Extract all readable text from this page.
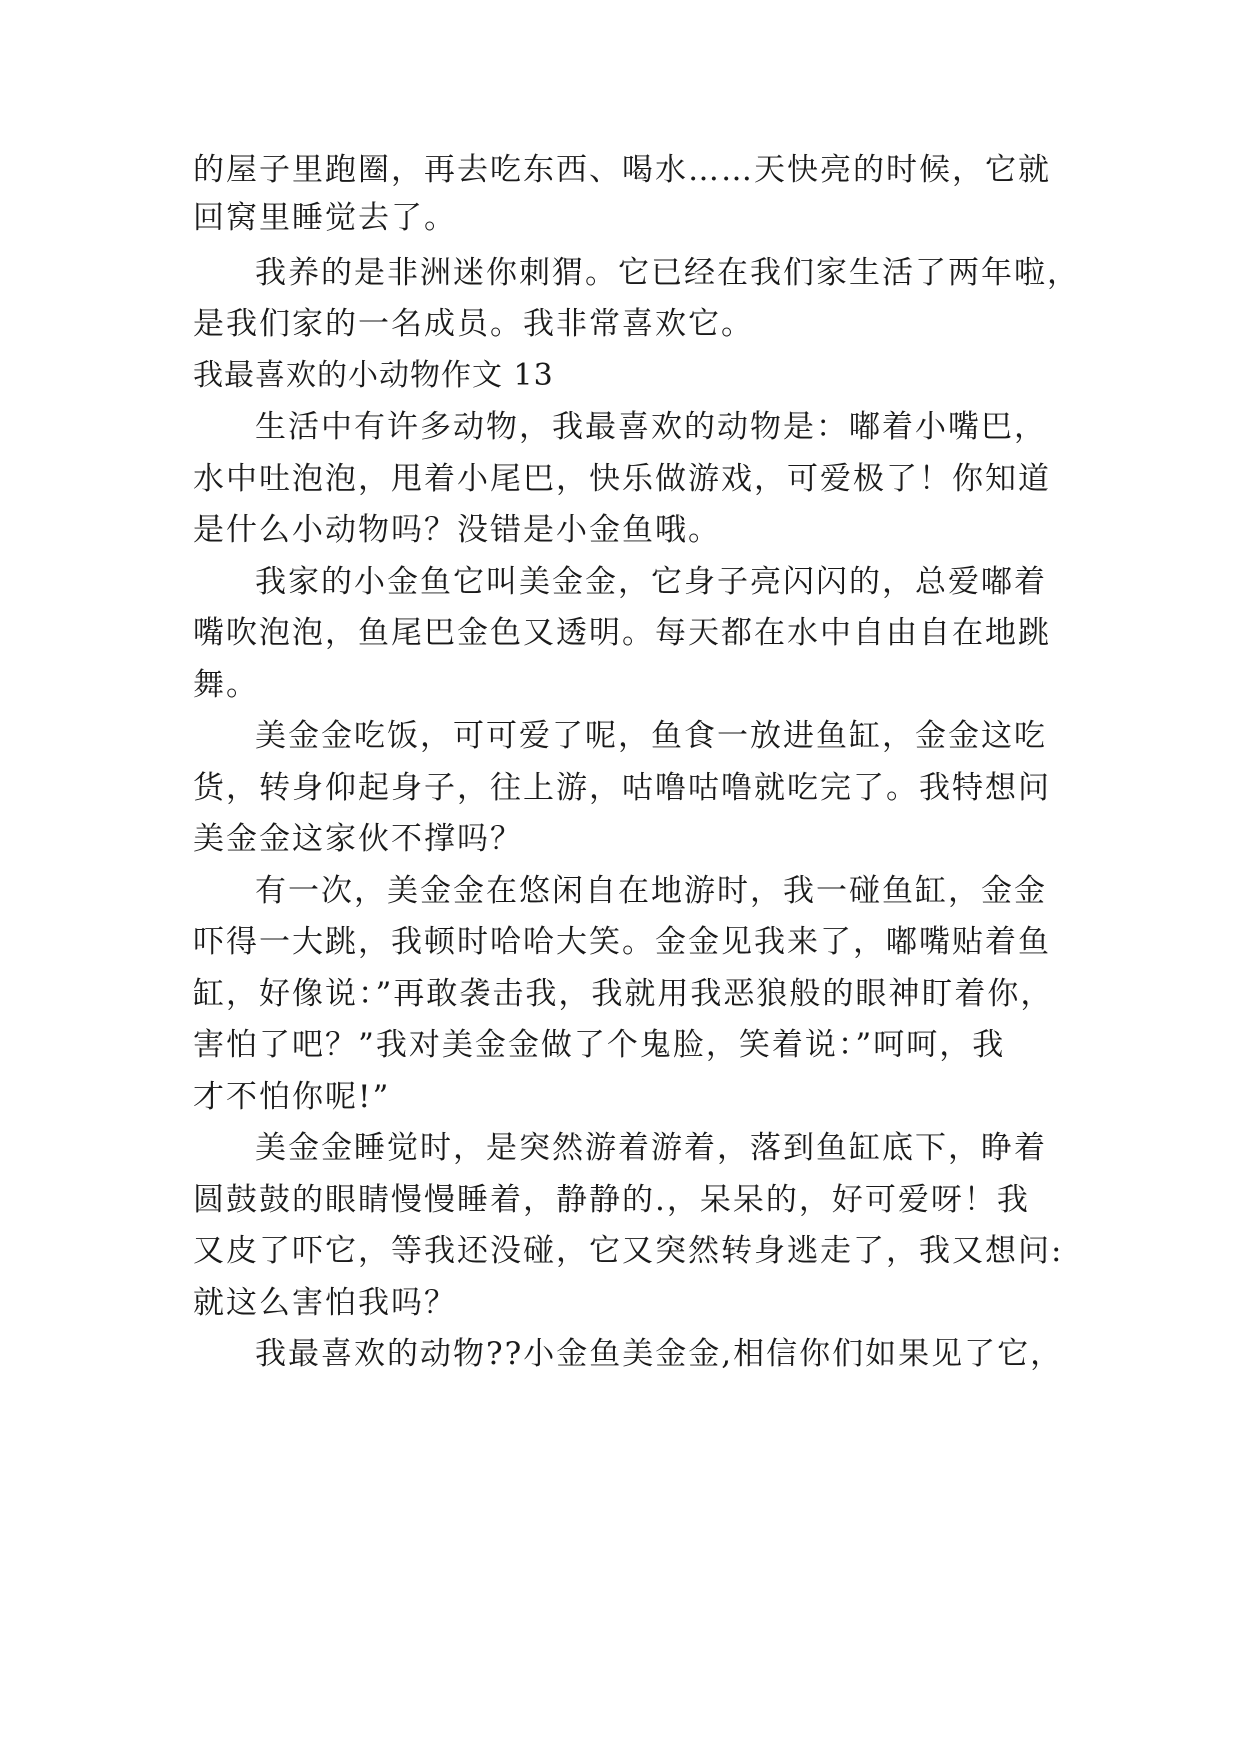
的屋子里跑圈，再去吃东西、喝水……天快亮的时候，它就
回窝里睡觉去了。
我养的是非洲迷你刺猬。它已经在我们家生活了两年啦，
是我们家的一名成员。我非常喜欢它。
我最喜欢的小动物作文 13
生活中有许多动物，我最喜欢的动物是：嘟着小嘴巴，
水中吐泡泡，甩着小尾巴，快乐做游戏，可爱极了！你知道
是什么小动物吗？没错是小金鱼哦。
我家的小金鱼它叫美金金，它身子亮闪闪的，总爱嘟着
嘴吹泡泡，鱼尾巴金色又透明。每天都在水中自由自在地跳
舞。
美金金吃饭，可可爱了呢，鱼食一放进鱼缸，金金这吃
货，转身仰起身子，往上游，咕噜咕噜就吃完了。我特想问
美金金这家伙不撑吗？
有一次，美金金在悠闲自在地游时，我一碰鱼缸，金金
吓得一大跳，我顿时哈哈大笑。金金见我来了，嘟嘴贴着鱼
缸，好像说：”再敢袭击我，我就用我恶狼般的眼神盯着你，
害怕了吧？”我对美金金做了个鬼脸，笑着说：”呵呵，我
才不怕你呢!”
美金金睡觉时，是突然游着游着，落到鱼缸底下，睁着
圆鼓鼓的眼睛慢慢睡着，静静的.，呆呆的，好可爱呀！我
又皮了吓它，等我还没碰，它又突然转身逃走了，我又想问:
就这么害怕我吗？
我最喜欢的动物??小金鱼美金金,相信你们如果见了它，
